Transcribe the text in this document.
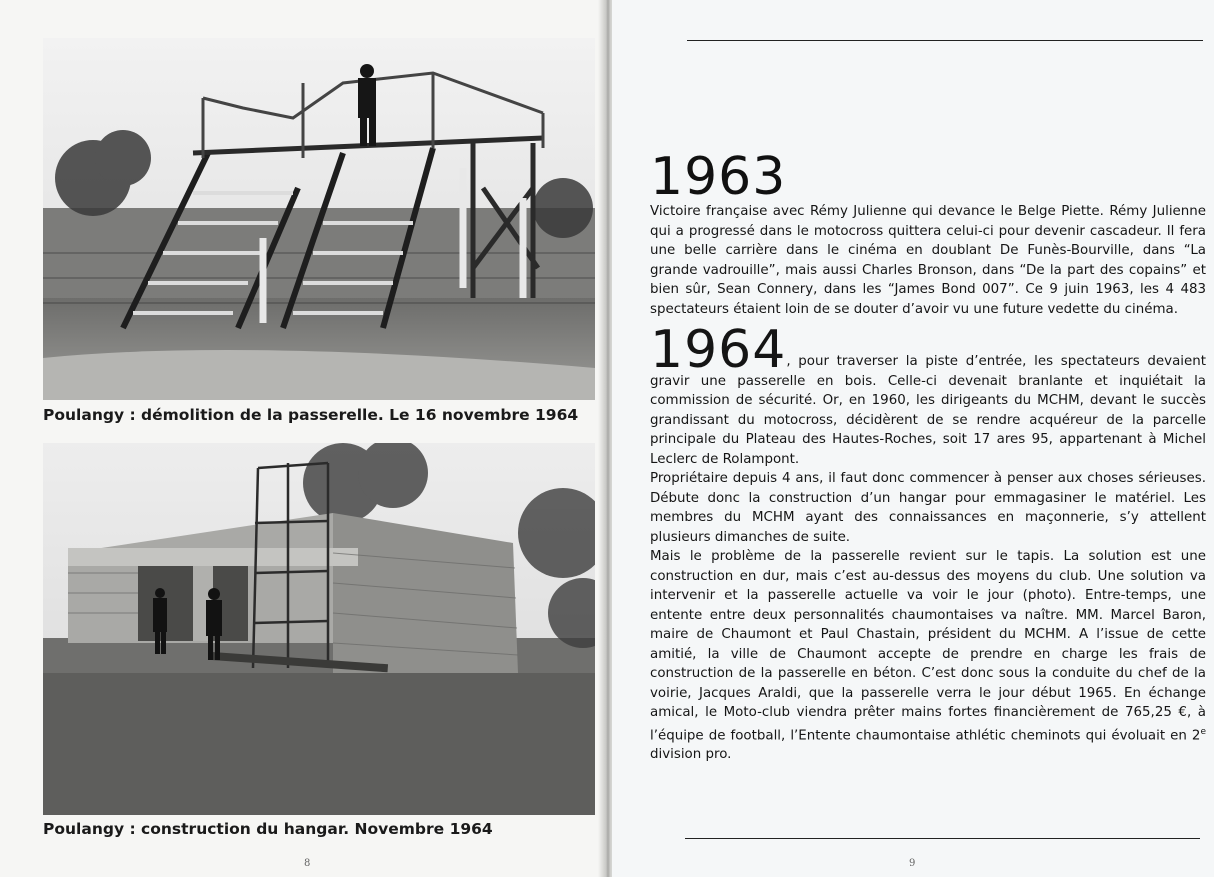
Poulangy : démolition de la passerelle. Le 16 novembre 1964
Poulangy : construction du hangar. Novembre 1964
8
1963

Victoire française avec Rémy Julienne qui devance le Belge Piette. Rémy Julienne qui a progressé dans le motocross quittera celui-ci pour devenir cascadeur. Il fera une belle carrière dans le cinéma en doublant De Funès-Bourville, dans “La grande vadrouille”, mais aussi Charles Bronson, dans “De la part des copains” et bien sûr, Sean Connery, dans les “James Bond 007”. Ce 9 juin 1963, les 4 483 spectateurs étaient loin de se douter d’avoir vu une future vedette du cinéma.

1964, pour traverser la piste d’entrée, les spectateurs devaient gravir une passerelle en bois. Celle-ci devenait branlante et inquiétait la commission de sécurité. Or, en 1960, les dirigeants du MCHM, devant le succès grandissant du motocross, décidèrent de se rendre acquéreur de la parcelle principale du Plateau des Hautes-Roches, soit 17 ares 95, appartenant à Michel Leclerc de Rolampont.

Propriétaire depuis 4 ans, il faut donc commencer à penser aux choses sérieuses. Débute donc la construction d’un hangar pour emmagasiner le matériel. Les membres du MCHM ayant des connaissances en maçonnerie, s’y attellent plusieurs dimanches de suite.

Mais le problème de la passerelle revient sur le tapis. La solution est une construction en dur, mais c’est au-dessus des moyens du club. Une solution va intervenir et la passerelle actuelle va voir le jour (photo). Entre-temps, une entente entre deux personnalités chaumontaises va naître. MM. Marcel Baron, maire de Chaumont et Paul Chastain, président du MCHM. A l’issue de cette amitié, la ville de Chaumont accepte de prendre en charge les frais de construction de la passerelle en béton. C’est donc sous la conduite du chef de la voirie, Jacques Araldi, que la passerelle verra le jour début 1965. En échange amical, le Moto-club viendra prêter mains fortes financièrement de 765,25 €, à l’équipe de football, l’Entente chaumontaise athlétic cheminots qui évoluait en 2e division pro.

9
